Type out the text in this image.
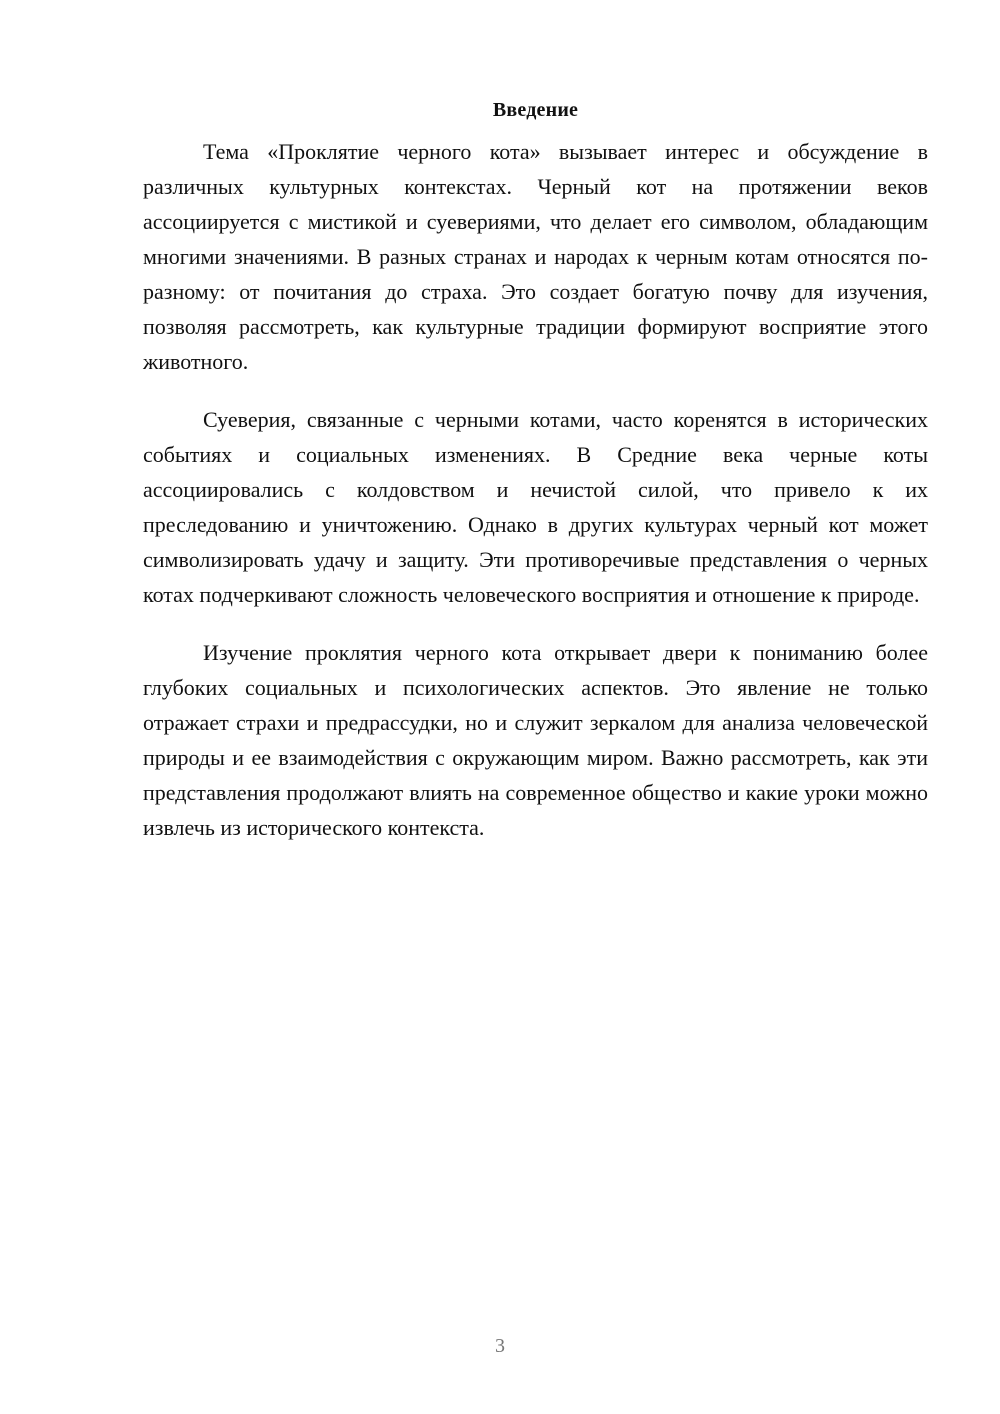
Введение

Тема «Проклятие черного кота» вызывает интерес и обсуждение в различных культурных контекстах. Черный кот на протяжении веков ассоциируется с мистикой и суевериями, что делает его символом, обладающим многими значениями. В разных странах и народах к черным котам относятся по-разному: от почитания до страха. Это создает богатую почву для изучения, позволяя рассмотреть, как культурные традиции формируют восприятие этого животного.

Суеверия, связанные с черными котами, часто коренятся в исторических событиях и социальных изменениях. В Средние века черные коты ассоциировались с колдовством и нечистой силой, что привело к их преследованию и уничтожению. Однако в других культурах черный кот может символизировать удачу и защиту. Эти противоречивые представления о черных котах подчеркивают сложность человеческого восприятия и отношение к природе.

Изучение проклятия черного кота открывает двери к пониманию более глубоких социальных и психологических аспектов. Это явление не только отражает страхи и предрассудки, но и служит зеркалом для анализа человеческой природы и ее взаимодействия с окружающим миром. Важно рассмотреть, как эти представления продолжают влиять на современное общество и какие уроки можно извлечь из исторического контекста.

3
